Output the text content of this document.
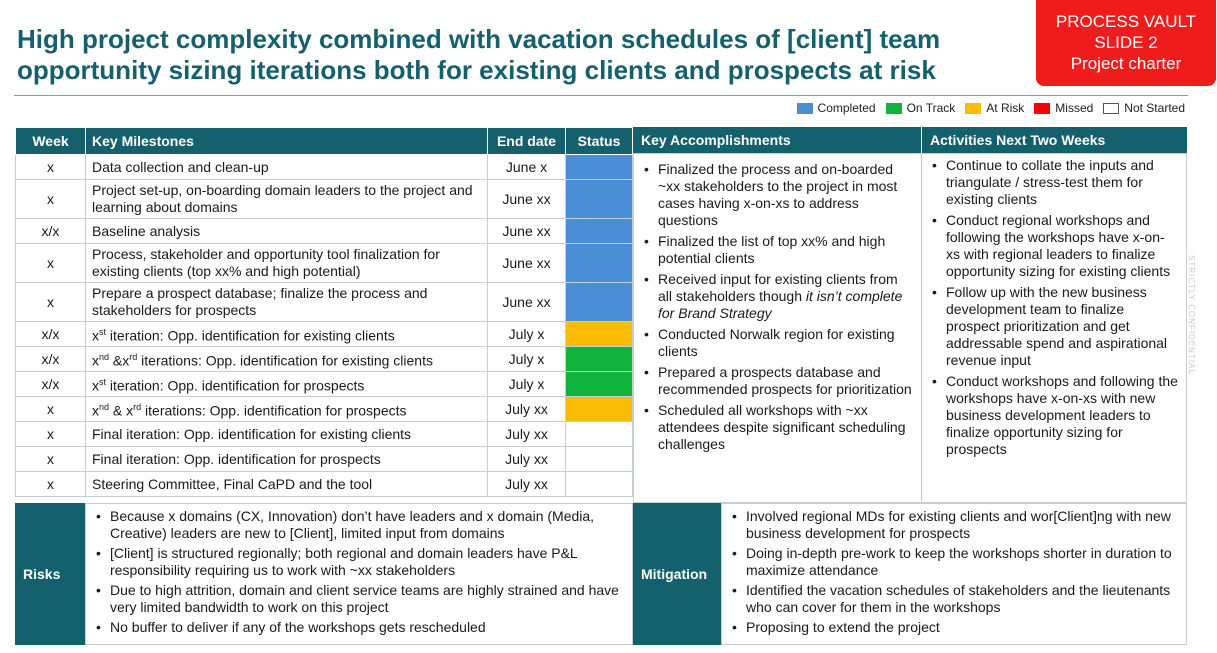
High project complexity combined with vacation schedules of [client] team
opportunity sizing iterations both for existing clients and prospects at risk
PROCESS VAULT
SLIDE 2
Project charter
Completed	On Track	At Risk	Missed	Not Started
Week	Key Milestones	End date	Status
x	Data collection and clean-up	June x	
x	Project set-up, on-boarding domain leaders to the project and learning about domains	June xx	
x/x	Baseline analysis	June xx	
x	Process, stakeholder and opportunity tool finalization for existing clients (top xx% and high potential)	June xx	
x	Prepare a prospect database; finalize the process and stakeholders for prospects	June xx	
x/x	$x^{st}$ iteration: Opp. identification for existing clients	July x	
x/x	$x^{nd}$ $\&x^{rd}$ iterations: Opp. identification for existing clients	July x	
x/x	$x^{st}$ iteration: Opp. identification for prospects	July x	
x	$x^{nd}$ & $x^{rd}$ iterations: Opp. identification for prospects	July xx	
x	Final iteration: Opp. identification for existing clients	July xx	
x	Final iteration: Opp. identification for prospects	July xx	
x	Steering Committee, Final CaPD and the tool	July xx	
Key Accomplishments	Activities Next Two Weeks
• Finalized the process and on-boarded ~xx stakeholders to the project in most cases having x-on-xs to address questions
• Finalized the list of top xx% and high potential clients
• Received input for existing clients from all stakeholders though it isn’t complete for Brand Strategy
• Conducted Norwalk region for existing clients
• Prepared a prospects database and recommended prospects for prioritization
• Scheduled all workshops with ~xx attendees despite significant scheduling challenges
• Continue to collate the inputs and triangulate / stress-test them for existing clients
• Conduct regional workshops and following the workshops have x-on-xs with regional leaders to finalize opportunity sizing for existing clients
• Follow up with the new business development team to finalize prospect prioritization and get addressable spend and aspirational revenue input
• Conduct workshops and following the workshops have x-on-xs with new business development leaders to finalize opportunity sizing for prospects
Risks
• Because x domains (CX, Innovation) don’t have leaders and x domain (Media, Creative) leaders are new to [Client], limited input from domains
• [Client] is structured regionally; both regional and domain leaders have P&L responsibility requiring us to work with ~xx stakeholders
• Due to high attrition, domain and client service teams are highly strained and have very limited bandwidth to work on this project
• No buffer to deliver if any of the workshops gets rescheduled
Mitigation
• Involved regional MDs for existing clients and wor[Client]ng with new business development for prospects
• Doing in-depth pre-work to keep the workshops shorter in duration to maximize attendance
• Identified the vacation schedules of stakeholders and the lieutenants who can cover for them in the workshops
• Proposing to extend the project
STRICTLY CONFIDENTIAL
